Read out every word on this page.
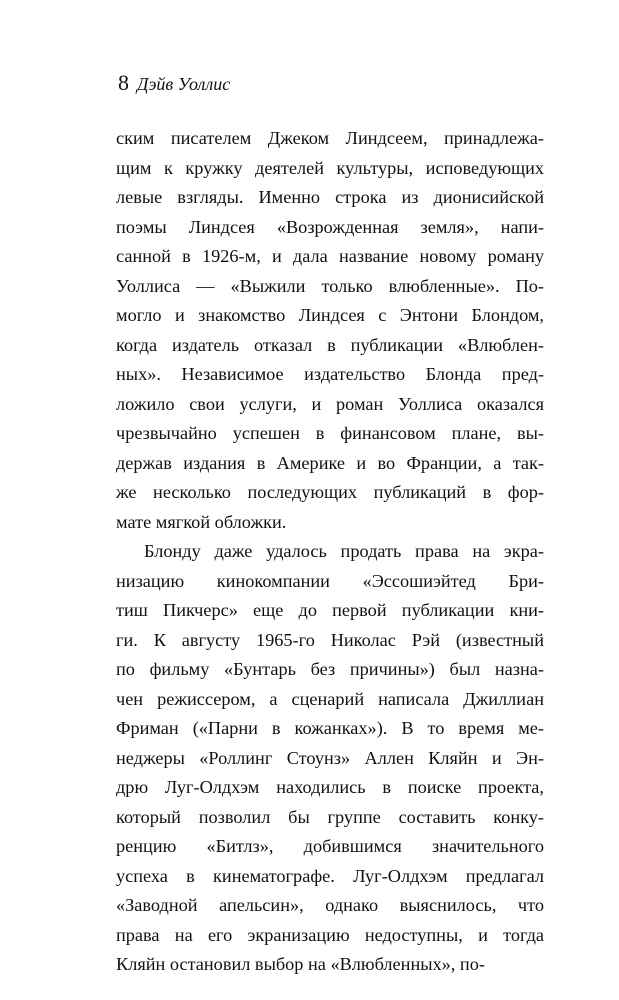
8 Дэйв Уоллис
ским писателем Джеком Линдсеем, принадлежа-
щим к кружку деятелей культуры, исповедующих
левые взгляды. Именно строка из дионисийской
поэмы Линдсея «Возрожденная земля», напи-
санной в 1926-м, и дала название новому роману
Уоллиса — «Выжили только влюбленные». По-
могло и знакомство Линдсея с Энтони Блондом,
когда издатель отказал в публикации «Влюблен-
ных». Независимое издательство Блонда пред-
ложило свои услуги, и роман Уоллиса оказался
чрезвычайно успешен в финансовом плане, вы-
держав издания в Америке и во Франции, а так-
же несколько последующих публикаций в фор-
мате мягкой обложки.
Блонду даже удалось продать права на экра-
низацию кинокомпании «Эссошиэйтед Бри-
тиш Пикчерс» еще до первой публикации кни-
ги. К августу 1965-го Николас Рэй (известный
по фильму «Бунтарь без причины») был назна-
чен режиссером, а сценарий написала Джиллиан
Фриман («Парни в кожанках»). В то время ме-
неджеры «Роллинг Стоунз» Аллен Кляйн и Эн-
дрю Луг-Олдхэм находились в поиске проекта,
который позволил бы группе составить конку-
ренцию «Битлз», добившимся значительного
успеха в кинематографе. Луг-Олдхэм предлагал
«Заводной апельсин», однако выяснилось, что
права на его экранизацию недоступны, и тогда
Кляйн остановил выбор на «Влюбленных», по-
